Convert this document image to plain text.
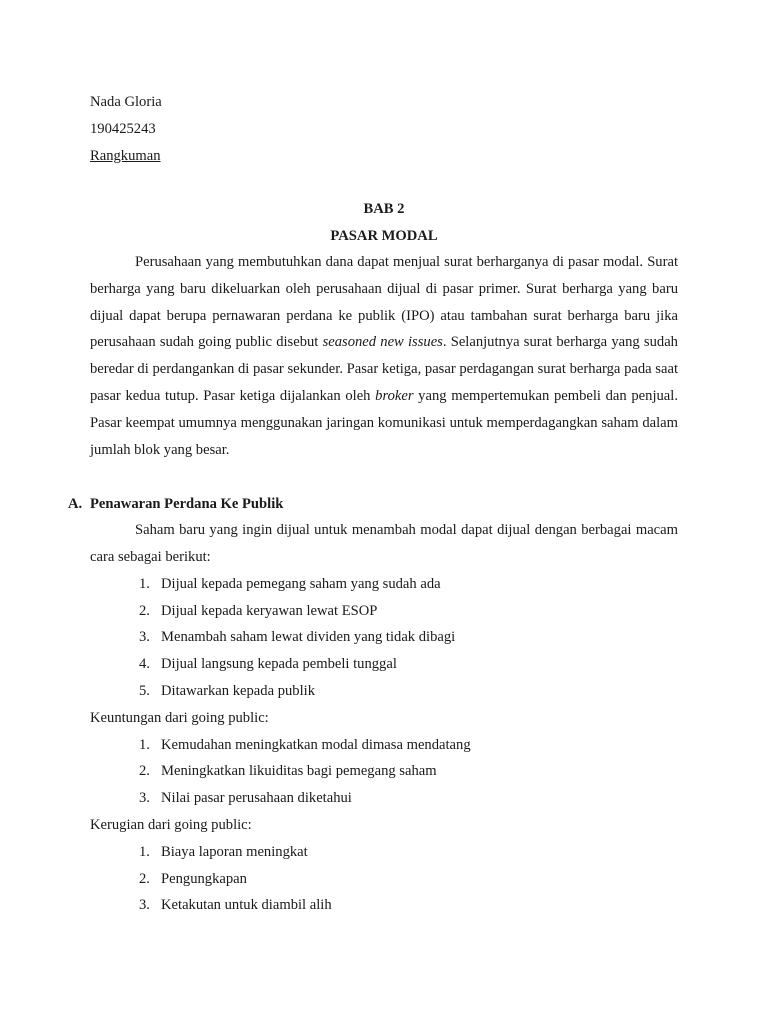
Nada Gloria
190425243
Rangkuman
BAB 2
PASAR MODAL

Perusahaan yang membutuhkan dana dapat menjual surat berharganya di pasar modal. Surat berharga yang baru dikeluarkan oleh perusahaan dijual di pasar primer. Surat berharga yang baru dijual dapat berupa pernawaran perdana ke publik (IPO) atau tambahan surat berharga baru jika perusahaan sudah going public disebut seasoned new issues. Selanjutnya surat berharga yang sudah beredar di perdangankan di pasar sekunder. Pasar ketiga, pasar perdagangan surat berharga pada saat pasar kedua tutup. Pasar ketiga dijalankan oleh broker yang mempertemukan pembeli dan penjual. Pasar keempat umumnya menggunakan jaringan komunikasi untuk memperdagangkan saham dalam jumlah blok yang besar.

A. Penawaran Perdana Ke Publik

Saham baru yang ingin dijual untuk menambah modal dapat dijual dengan berbagai macam cara sebagai berikut:

1. Dijual kepada pemegang saham yang sudah ada
2. Dijual kepada keryawan lewat ESOP
3. Menambah saham lewat dividen yang tidak dibagi
4. Dijual langsung kepada pembeli tunggal
5. Ditawarkan kepada publik
Keuntungan dari going public:
1. Kemudahan meningkatkan modal dimasa mendatang
2. Meningkatkan likuiditas bagi pemegang saham
3. Nilai pasar perusahaan diketahui
Kerugian dari going public:
1. Biaya laporan meningkat
2. Pengungkapan
3. Ketakutan untuk diambil alih
